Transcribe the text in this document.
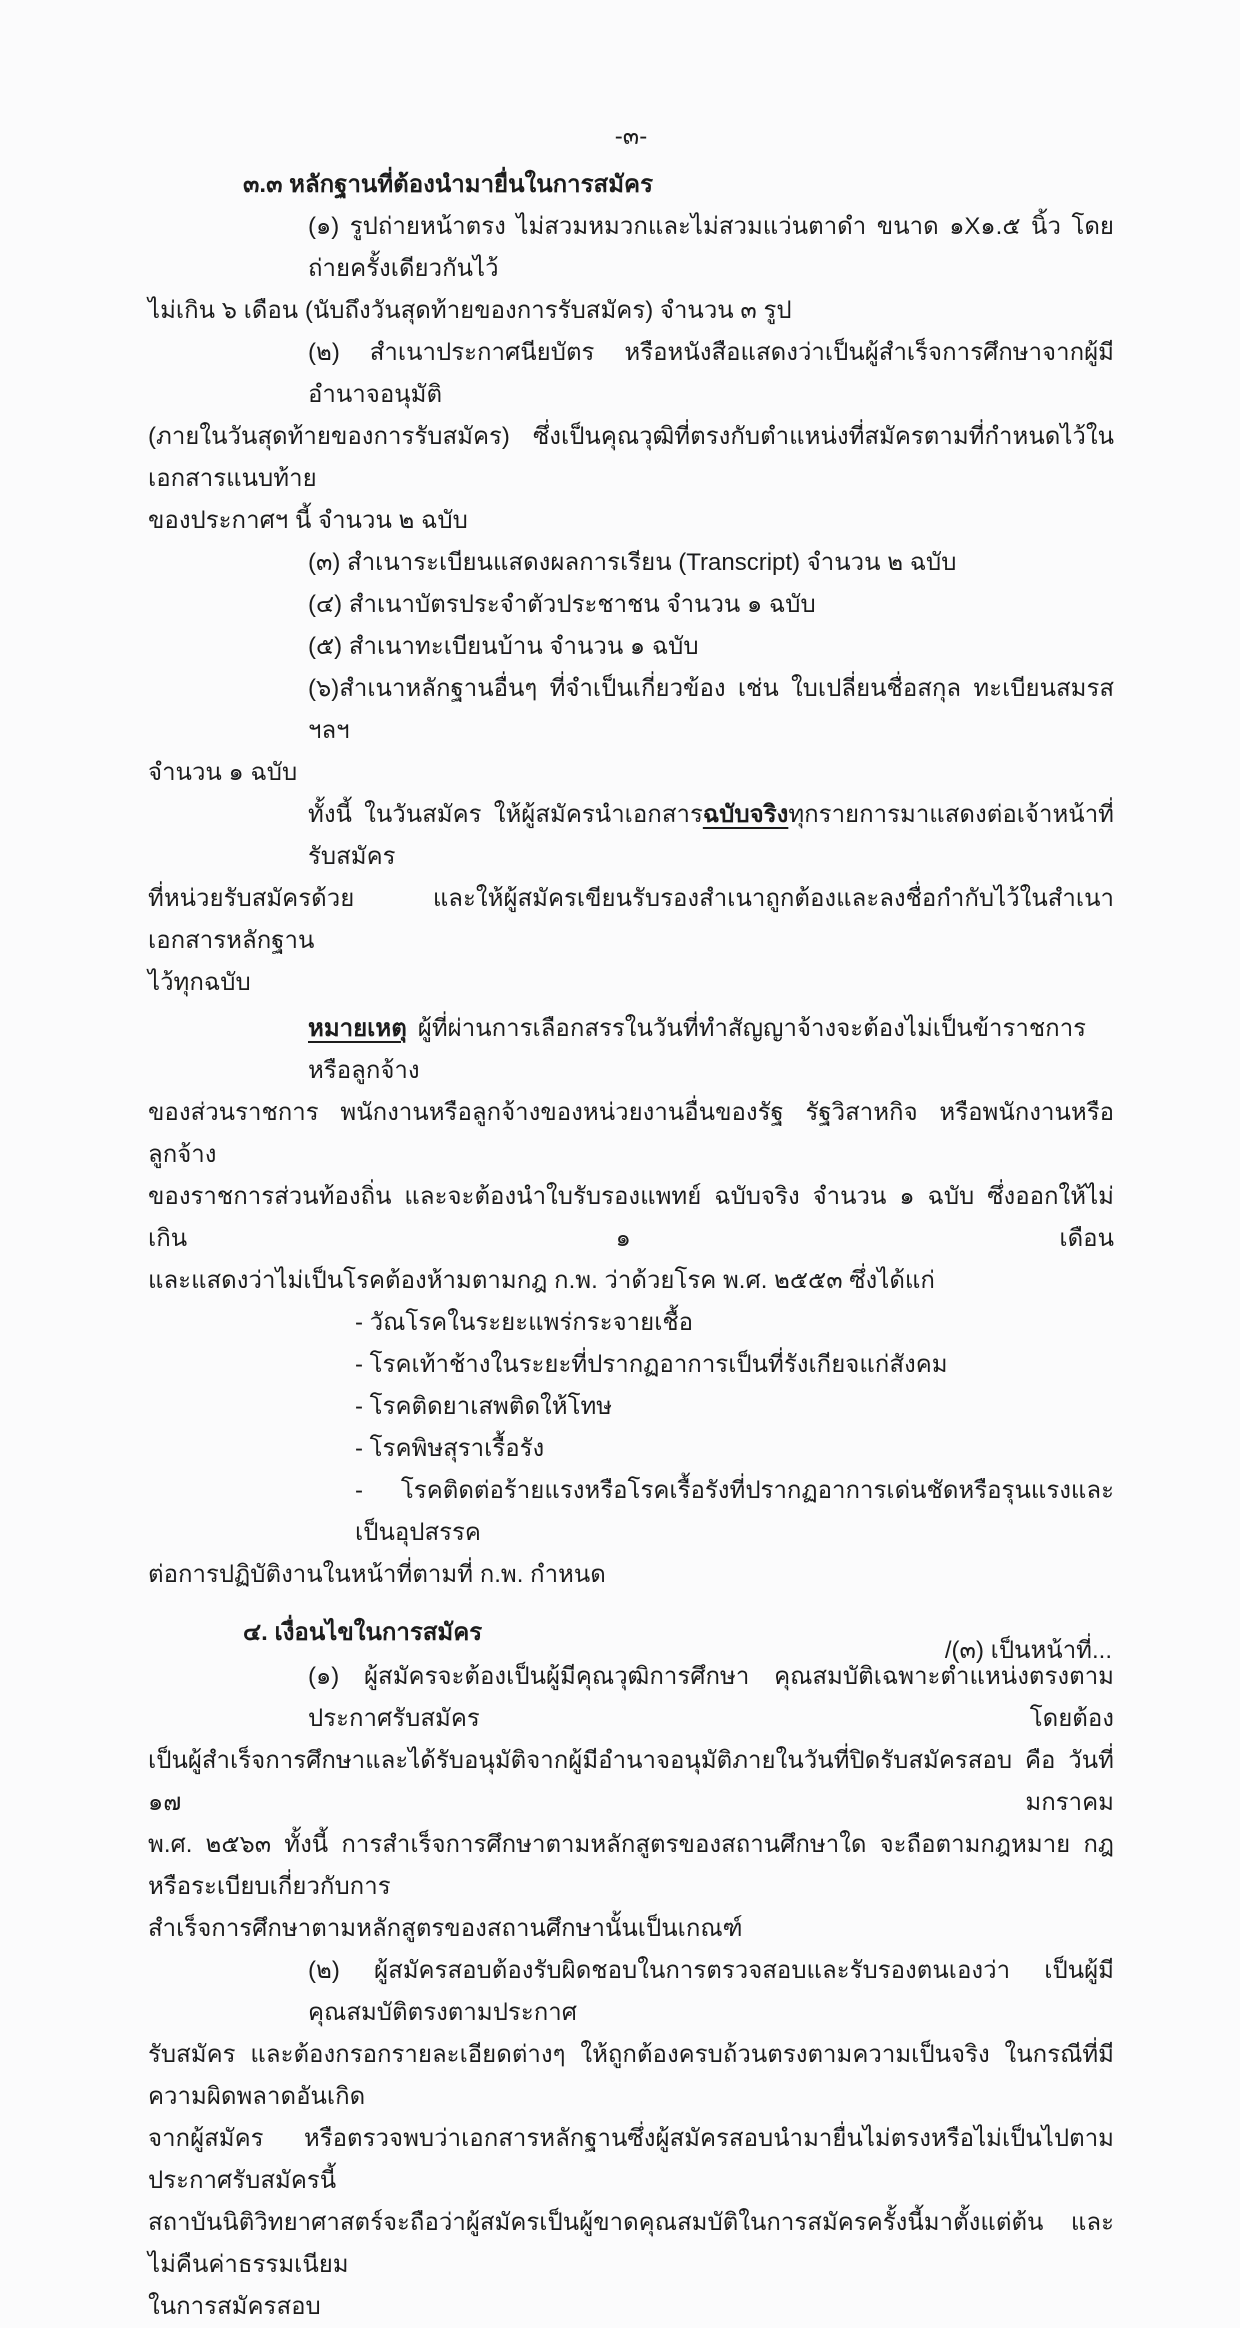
-๓-
๓.๓ หลักฐานที่ต้องนำมายื่นในการสมัคร
(๑) รูปถ่ายหน้าตรง ไม่สวมหมวกและไม่สวมแว่นตาดำ ขนาด ๑X๑.๕ นิ้ว โดยถ่ายครั้งเดียวกันไว้
ไม่เกิน ๖ เดือน (นับถึงวันสุดท้ายของการรับสมัคร) จำนวน ๓ รูป
(๒) สำเนาประกาศนียบัตร หรือหนังสือแสดงว่าเป็นผู้สำเร็จการศึกษาจากผู้มีอำนาจอนุมัติ
(ภายในวันสุดท้ายของการรับสมัคร) ซึ่งเป็นคุณวุฒิที่ตรงกับตำแหน่งที่สมัครตามที่กำหนดไว้ในเอกสารแนบท้าย
ของประกาศฯ นี้ จำนวน ๒ ฉบับ
(๓) สำเนาระเบียนแสดงผลการเรียน (Transcript) จำนวน ๒ ฉบับ
(๔) สำเนาบัตรประจำตัวประชาชน จำนวน ๑ ฉบับ
(๕) สำเนาทะเบียนบ้าน จำนวน ๑ ฉบับ
(๖)สำเนาหลักฐานอื่นๆ ที่จำเป็นเกี่ยวข้อง เช่น ใบเปลี่ยนชื่อสกุล ทะเบียนสมรส ฯลฯ
จำนวน ๑ ฉบับ
ทั้งนี้ ในวันสมัคร ให้ผู้สมัครนำเอกสารฉบับจริงทุกรายการมาแสดงต่อเจ้าหน้าที่รับสมัคร
ที่หน่วยรับสมัครด้วย และให้ผู้สมัครเขียนรับรองสำเนาถูกต้องและลงชื่อกำกับไว้ในสำเนาเอกสารหลักฐาน
ไว้ทุกฉบับ
หมายเหตุ ผู้ที่ผ่านการเลือกสรรในวันที่ทำสัญญาจ้างจะต้องไม่เป็นข้าราชการหรือลูกจ้าง
ของส่วนราชการ พนักงานหรือลูกจ้างของหน่วยงานอื่นของรัฐ รัฐวิสาหกิจ หรือพนักงานหรือลูกจ้าง
ของราชการส่วนท้องถิ่น และจะต้องนำใบรับรองแพทย์ ฉบับจริง จำนวน ๑ ฉบับ ซึ่งออกให้ไม่เกิน ๑ เดือน
และแสดงว่าไม่เป็นโรคต้องห้ามตามกฎ ก.พ. ว่าด้วยโรค พ.ศ. ๒๕๕๓ ซึ่งได้แก่
- วัณโรคในระยะแพร่กระจายเชื้อ
- โรคเท้าช้างในระยะที่ปรากฏอาการเป็นที่รังเกียจแก่สังคม
- โรคติดยาเสพติดให้โทษ
- โรคพิษสุราเรื้อรัง
- โรคติดต่อร้ายแรงหรือโรคเรื้อรังที่ปรากฏอาการเด่นชัดหรือรุนแรงและเป็นอุปสรรค
ต่อการปฏิบัติงานในหน้าที่ตามที่ ก.พ. กำหนด
๔. เงื่อนไขในการสมัคร
(๑) ผู้สมัครจะต้องเป็นผู้มีคุณวุฒิการศึกษา คุณสมบัติเฉพาะตำแหน่งตรงตามประกาศรับสมัคร โดยต้อง
เป็นผู้สำเร็จการศึกษาและได้รับอนุมัติจากผู้มีอำนาจอนุมัติภายในวันที่ปิดรับสมัครสอบ คือ วันที่ ๑๗ มกราคม
พ.ศ. ๒๕๖๓ ทั้งนี้ การสำเร็จการศึกษาตามหลักสูตรของสถานศึกษาใด จะถือตามกฎหมาย กฎหรือระเบียบเกี่ยวกับการ
สำเร็จการศึกษาตามหลักสูตรของสถานศึกษานั้นเป็นเกณฑ์
(๒) ผู้สมัครสอบต้องรับผิดชอบในการตรวจสอบและรับรองตนเองว่า เป็นผู้มีคุณสมบัติตรงตามประกาศ
รับสมัคร และต้องกรอกรายละเอียดต่างๆ ให้ถูกต้องครบถ้วนตรงตามความเป็นจริง ในกรณีที่มีความผิดพลาดอันเกิด
จากผู้สมัคร หรือตรวจพบว่าเอกสารหลักฐานซึ่งผู้สมัครสอบนำมายื่นไม่ตรงหรือไม่เป็นไปตามประกาศรับสมัครนี้
สถาบันนิติวิทยาศาสตร์จะถือว่าผู้สมัครเป็นผู้ขาดคุณสมบัติในการสมัครครั้งนี้มาตั้งแต่ต้น และไม่คืนค่าธรรมเนียม
ในการสมัครสอบ
/(๓) เป็นหน้าที่...
